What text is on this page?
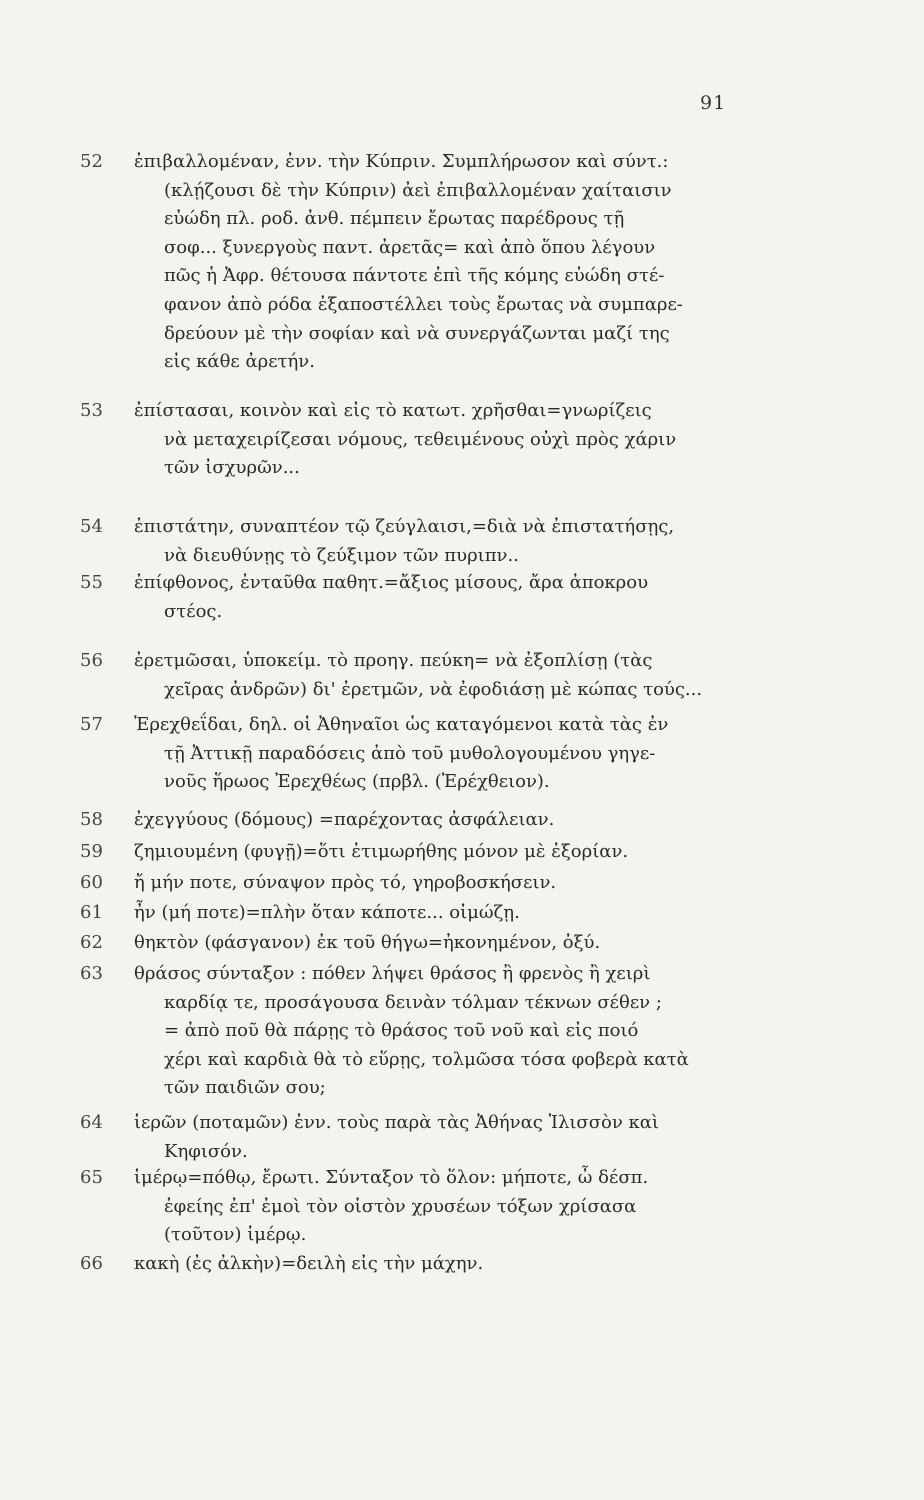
91
52 ἐπιβαλλομέναν, ἐνν. τὴν Κύπριν. Συμπλήρωσον καὶ σύντ.:
(κλῄζουσι δὲ τὴν Κύπριν) ἀεὶ ἐπιβαλλομέναν χαίταισιν
εὐώδη πλ. ροδ. ἀνθ. πέμπειν ἔρωτας παρέδρους τῇ
σοφ... ξυνεργοὺς παντ. ἀρετᾶς= καὶ ἀπὸ ὅπου λέγουν
πῶς ἡ Ἀφρ. θέτουσα πάντοτε ἐπὶ τῆς κόμης εὐώδη στέ-
φανον ἀπὸ ρόδα ἐξαποστέλλει τοὺς ἔρωτας νὰ συμπαρε-
δρεύουν μὲ τὴν σοφίαν καὶ νὰ συνεργάζωνται μαζί της
εἰς κάθε ἀρετήν.
53 ἐπίστασαι, κοινὸν καὶ εἰς τὸ κατωτ. χρῆσθαι=γνωρίζεις
νὰ μεταχειρίζεσαι νόμους, τεθειμένους οὐχὶ πρὸς χάριν
τῶν ἰσχυρῶν...
54 ἐπιστάτην, συναπτέον τῷ ζεύγλαισι,=διὰ νὰ ἐπιστατήσῃς,
νὰ διευθύνῃς τὸ ζεύξιμον τῶν πυριπν..
55 ἐπίφθονος, ἐνταῦθα παθητ.=ἄξιος μίσους, ἄρα ἀποκρου
στέος.
56 ἐρετμῶσαι, ὑποκείμ. τὸ προηγ. πεύκη= νὰ ἐξοπλίσῃ (τὰς
χεῖρας ἀνδρῶν) δι' ἐρετμῶν, νὰ ἐφοδιάσῃ μὲ κώπας τούς...
57 Ἐρεχθεΐδαι, δηλ. οἱ Ἀθηναῖοι ὡς καταγόμενοι κατὰ τὰς ἐν
τῇ Ἀττικῇ παραδόσεις ἀπὸ τοῦ μυθολογουμένου γηγε-
νοῦς ἥρωος Ἐρεχθέως (πρβλ. (Ἐρέχθειον).
58 ἐχεγγύους (δόμους) =παρέχοντας ἀσφάλειαν.
59 ζημιουμένη (φυγῇ)=ὅτι ἐτιμωρήθης μόνον μὲ ἐξορίαν.
60 ἤ μήν ποτε, σύναψον πρὸς τό, γηροβοσκήσειν.
61 ἦν (μή ποτε)=πλὴν ὅταν κάποτε... οἰμώζῃ.
62 θηκτὸν (φάσγανον) ἐκ τοῦ θήγω=ἠκονημένον, ὀξύ.
63 θράσος σύνταξον : πόθεν λήψει θράσος ἢ φρενὸς ἢ χειρὶ
καρδίᾳ τε, προσάγουσα δεινὰν τόλμαν τέκνων σέθεν ;
= ἀπὸ ποῦ θὰ πάρῃς τὸ θράσος τοῦ νοῦ καὶ εἰς ποιό
χέρι καὶ καρδιὰ θὰ τὸ εὕρῃς, τολμῶσα τόσα φοβερὰ κατὰ
τῶν παιδιῶν σου;
64 ἱερῶν (ποταμῶν) ἐνν. τοὺς παρὰ τὰς Ἀθήνας Ἰλισσὸν καὶ
Κηφισόν.
65 ἱμέρῳ=πόθῳ, ἔρωτι. Σύνταξον τὸ ὅλον: μήποτε, ὦ δέσπ.
ἐφείης ἐπ' ἐμοὶ τὸν οἰστὸν χρυσέων τόξων χρίσασα
(τοῦτον) ἱμέρῳ.
66 κακὴ (ἐς ἀλκὴν)=δειλὴ εἰς τὴν μάχην.
